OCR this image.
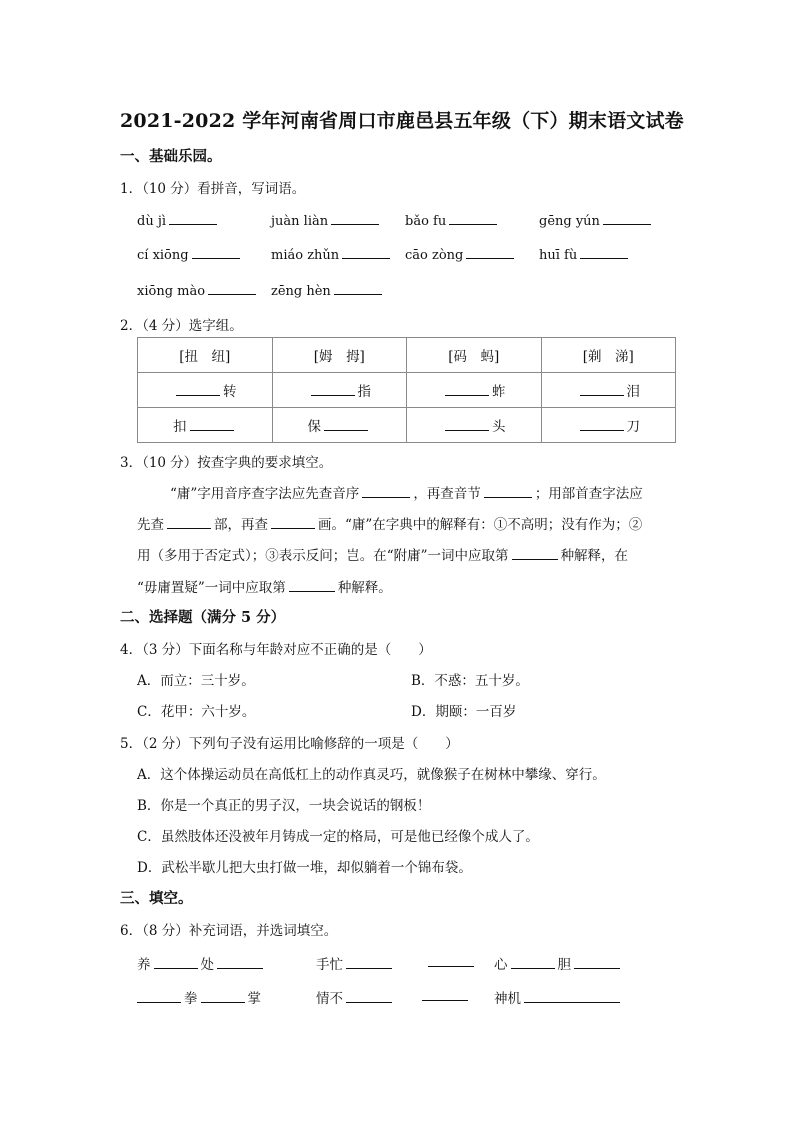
2021-2022 学年河南省周口市鹿邑县五年级（下）期末语文试卷
一、基础乐园。
1．（10 分）看拼音，写词语。
dù jì	juàn liàn	bǎo fu	gēng yún
cí xiōng	miáo zhǔn	cāo zòng	huī fù
xiōng mào	zēng hèn
2．（4 分）选字组。
[扭　纽]	[姆　拇]	[码　蚂]	[剃　涕]
转	指	蚱	泪
扣	保	头	刀
3．（10 分）按查字典的要求填空。
“庸”字用音序查字法应先查音序	，再查音节	；用部首查字法应
先查	部，再查	画。“庸”在字典中的解释有：①不高明；没有作为；②
用（多用于否定式）；③表示反问；岂。在“附庸”一词中应取第	种解释，在
“毋庸置疑”一词中应取第	种解释。
二、选择题（满分 5 分）
4．（3 分）下面名称与年龄对应不正确的是（　　）
A．而立：三十岁。	B．不惑：五十岁。
C．花甲：六十岁。	D．期颐：一百岁
5．（2 分）下列句子没有运用比喻修辞的一项是（　　）
A．这个体操运动员在高低杠上的动作真灵巧，就像猴子在树林中攀缘、穿行。
B．你是一个真正的男子汉，一块会说话的钢板！
C．虽然肢体还没被年月铸成一定的格局，可是他已经像个成人了。
D．武松半歇儿把大虫打做一堆，却似躺着一个锦布袋。
三、填空。
6．（8 分）补充词语，并选词填空。
养	处	手忙	心	胆
拳	掌	情不	神机
